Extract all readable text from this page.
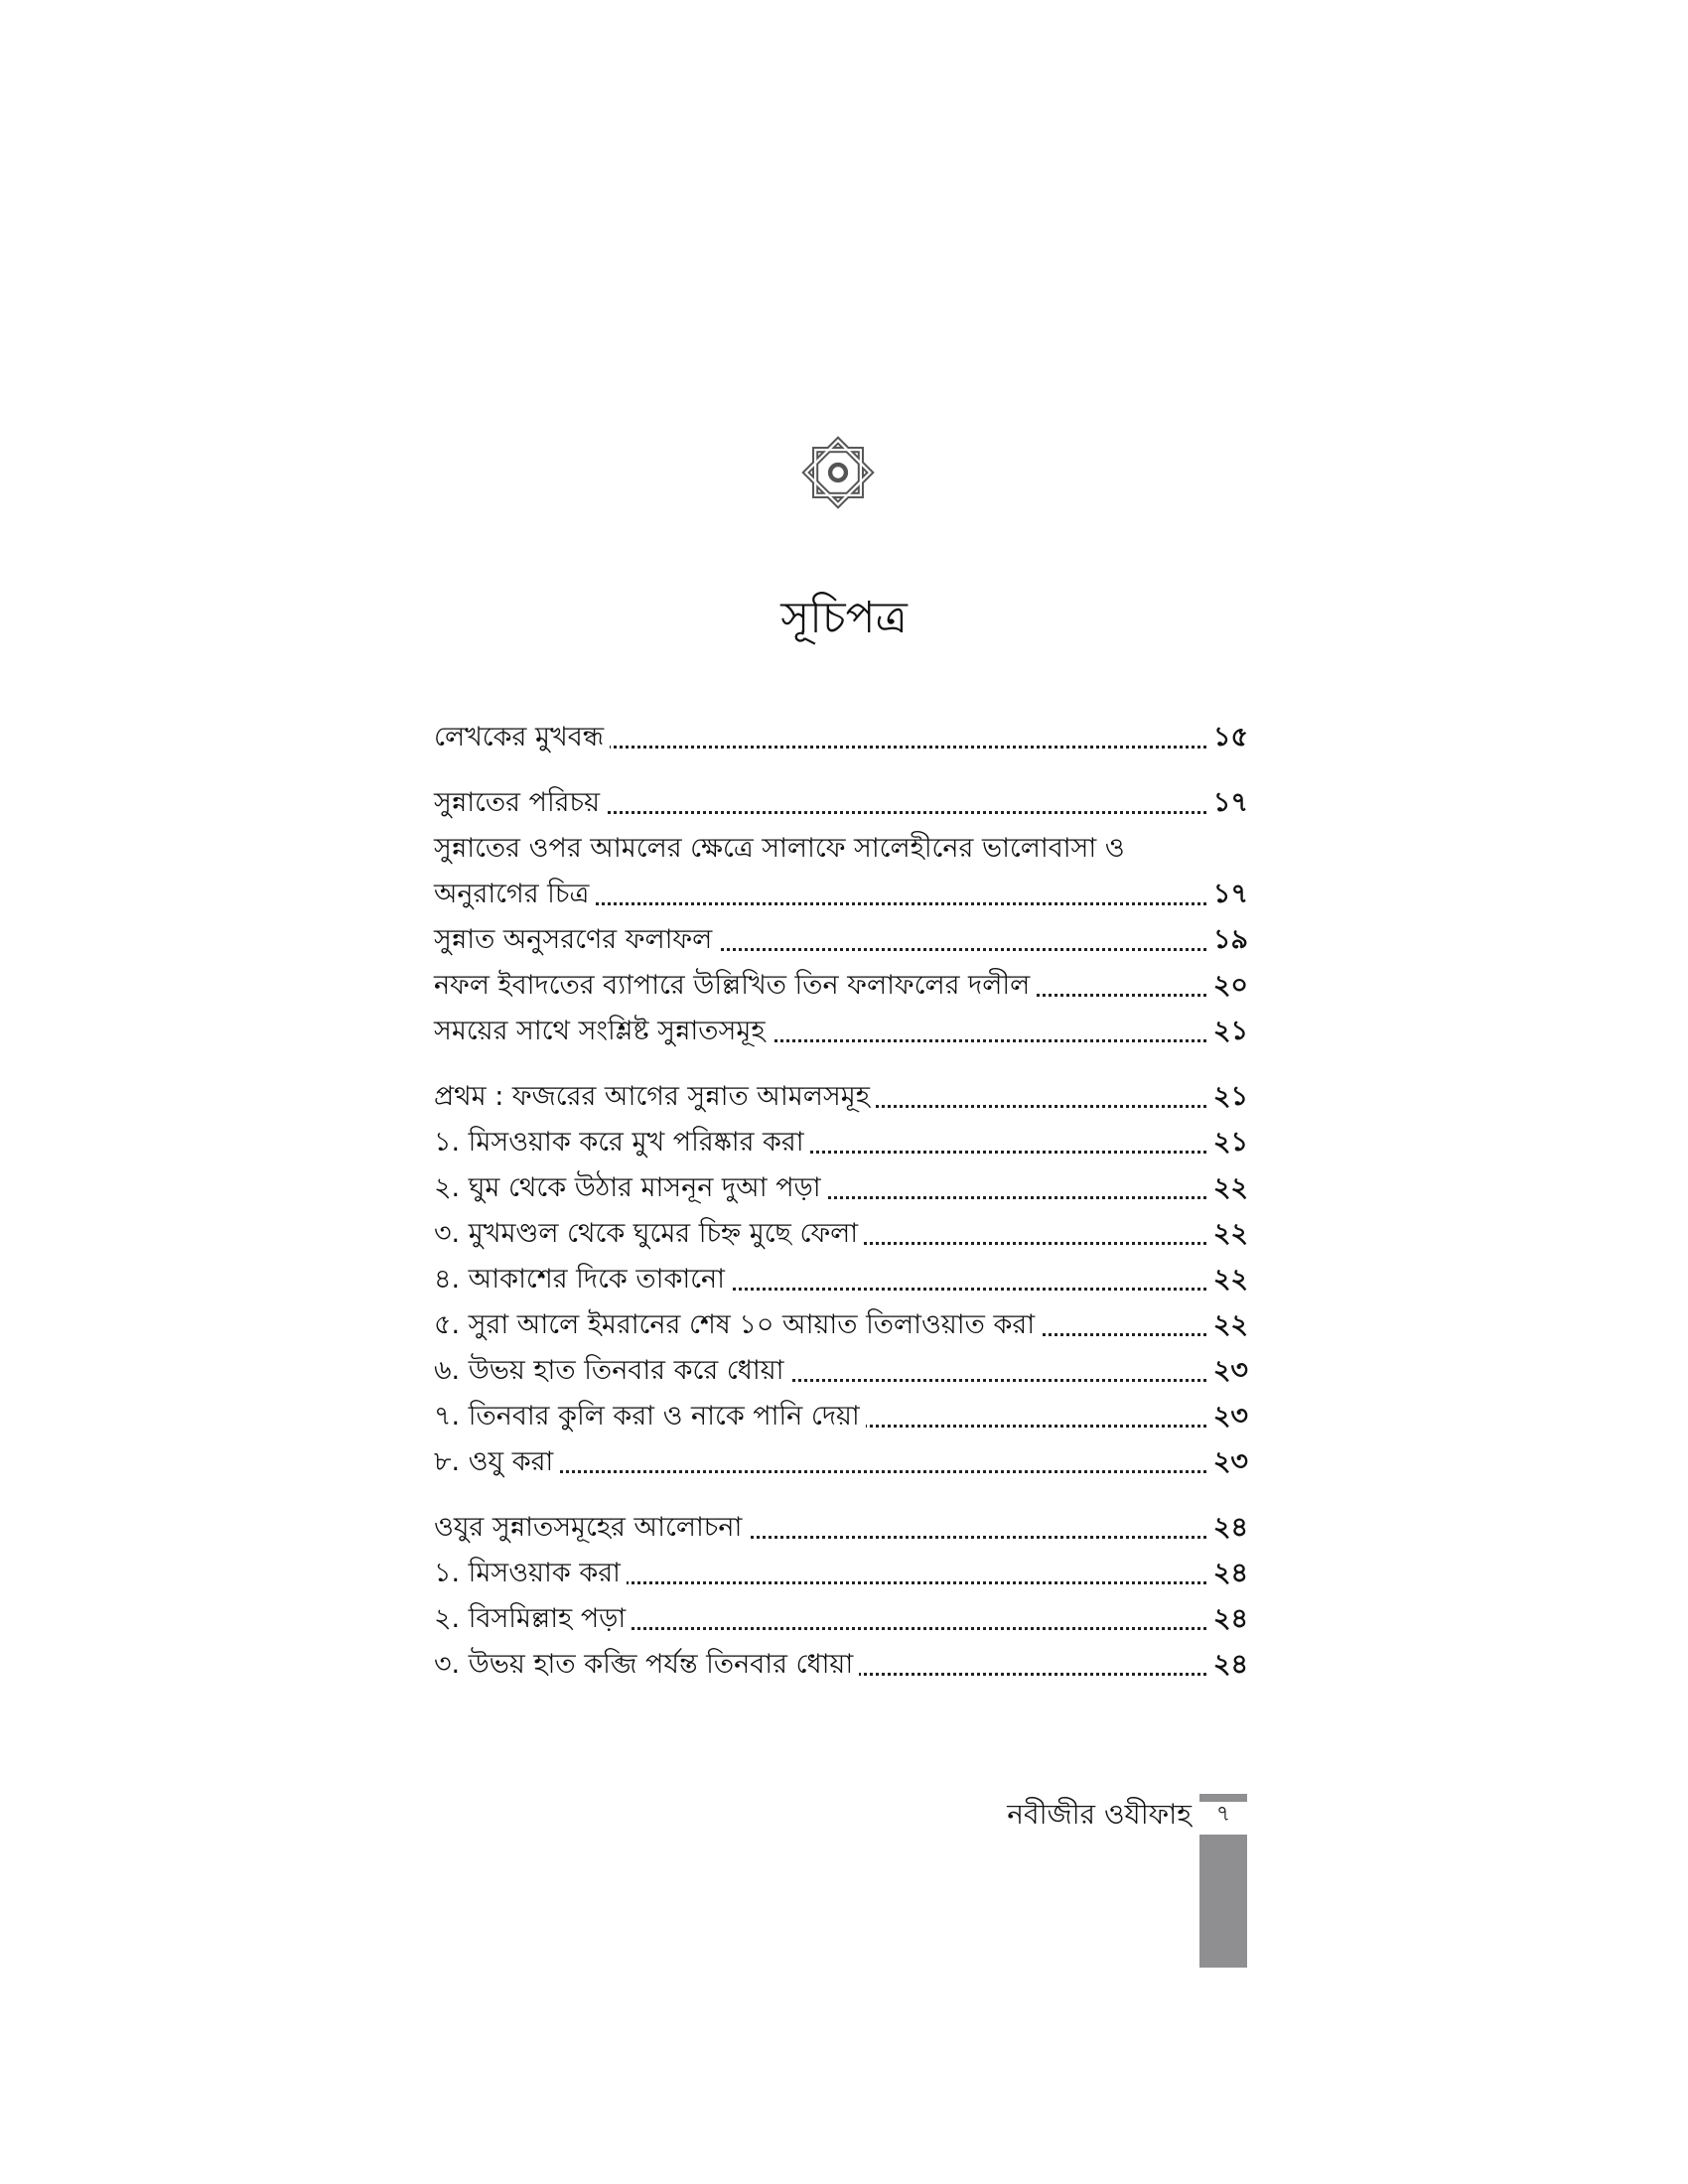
সূচিপত্র
লেখকের মুখবন্ধ	১৫
সুন্নাতের পরিচয়	১৭
সুন্নাতের ওপর আমলের ক্ষেত্রে সালাফে সালেহীনের ভালোবাসা ও
অনুরাগের চিত্র	১৭
সুন্নাত অনুসরণের ফলাফল	১৯
নফল ইবাদতের ব্যাপারে উল্লিখিত তিন ফলাফলের দলীল	২০
সময়ের সাথে সংশ্লিষ্ট সুন্নাতসমূহ	২১
প্রথম : ফজরের আগের সুন্নাত আমলসমূহ	২১
১. মিসওয়াক করে মুখ পরিষ্কার করা	২১
২. ঘুম থেকে উঠার মাসনূন দুআ পড়া	২২
৩. মুখমণ্ডল থেকে ঘুমের চিহ্ন মুছে ফেলা	২২
৪. আকাশের দিকে তাকানো	২২
৫. সুরা আলে ইমরানের শেষ ১০ আয়াত তিলাওয়াত করা	২২
৬. উভয় হাত তিনবার করে ধোয়া	২৩
৭. তিনবার কুলি করা ও নাকে পানি দেয়া	২৩
৮. ওযু করা	২৩
ওযুর সুন্নাতসমূহের আলোচনা	২৪
১. মিসওয়াক করা	২৪
২. বিসমিল্লাহ পড়া	২৪
৩. উভয় হাত কব্জি পর্যন্ত তিনবার ধোয়া	২৪
নবীজীর ওযীফাহ	৭
